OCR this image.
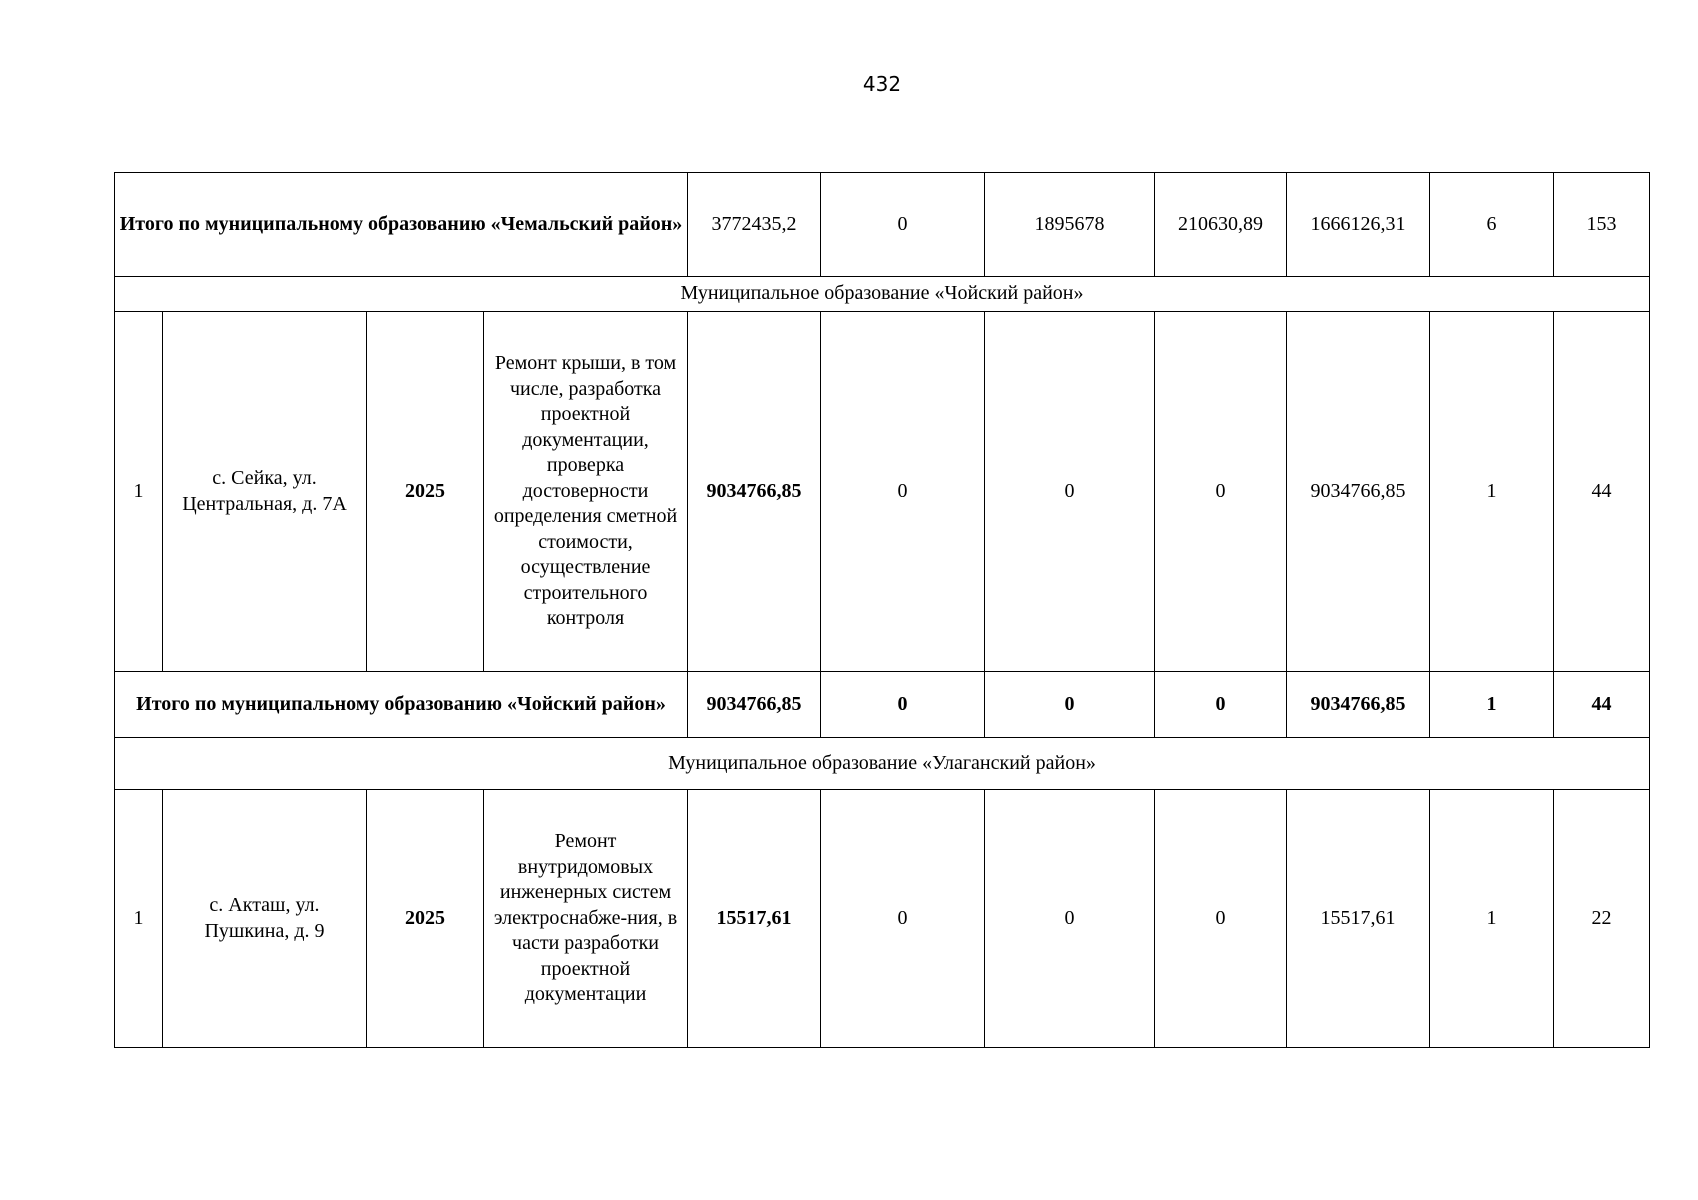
432
Итого по муниципальному образованию «Чемальский район»				3772435,2	0	1895678	210630,89	1666126,31	6	153
Муниципальное образование «Чойский район»										
1	с. Сейка, ул. Центральная, д. 7А	2025	Ремонт крыши, в том числе, разработка проектной документации, проверка достоверности определения сметной стоимости, осуществление строительного контроля	9034766,85	0	0	0	9034766,85	1	44
Итого по муниципальному образованию «Чойский район»				9034766,85	0	0	0	9034766,85	1	44
Муниципальное образование «Улаганский район»										
1	с. Акташ, ул. Пушкина, д. 9	2025	Ремонт внутридомовых инженерных систем электроснабже-ния, в части разработки проектной документации	15517,61	0	0	0	15517,61	1	22
